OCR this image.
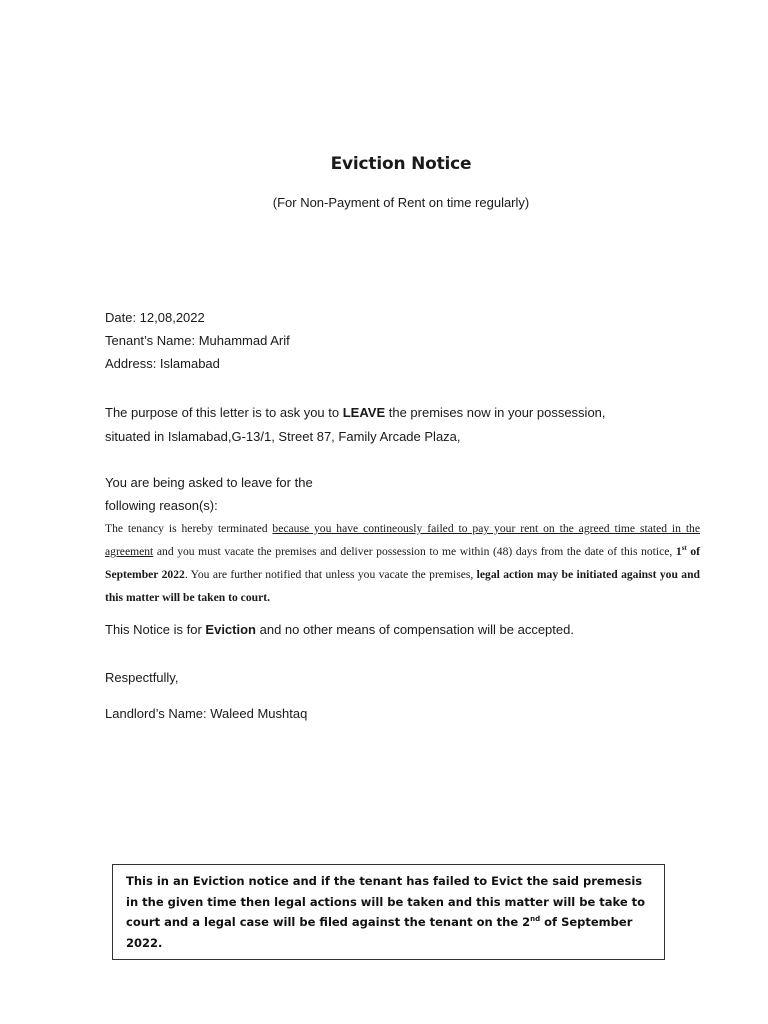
Eviction Notice
(For Non-Payment of Rent on time regularly)
Date: 12,08,2022
Tenant’s Name: Muhammad Arif
Address: Islamabad
The purpose of this letter is to ask you to LEAVE the premises now in your possession,
situated in Islamabad,G-13/1, Street 87, Family Arcade Plaza,
You are being asked to leave for the
following reason(s):
The tenancy is hereby terminated because you have contineously failed to pay your rent on the agreed time stated in the agreement and you must vacate the premises and deliver possession to me within (48) days from the date of this notice, 1st of September 2022. You are further notified that unless you vacate the premises, legal action may be initiated against you and this matter will be taken to court.
This Notice is for Eviction and no other means of compensation will be accepted.
Respectfully,
Landlord’s Name: Waleed Mushtaq
This in an Eviction notice and if the tenant has failed to Evict the said premesis in the given time then legal actions will be taken and this matter will be take to court and a legal case will be filed against the tenant on the 2nd of September 2022.
